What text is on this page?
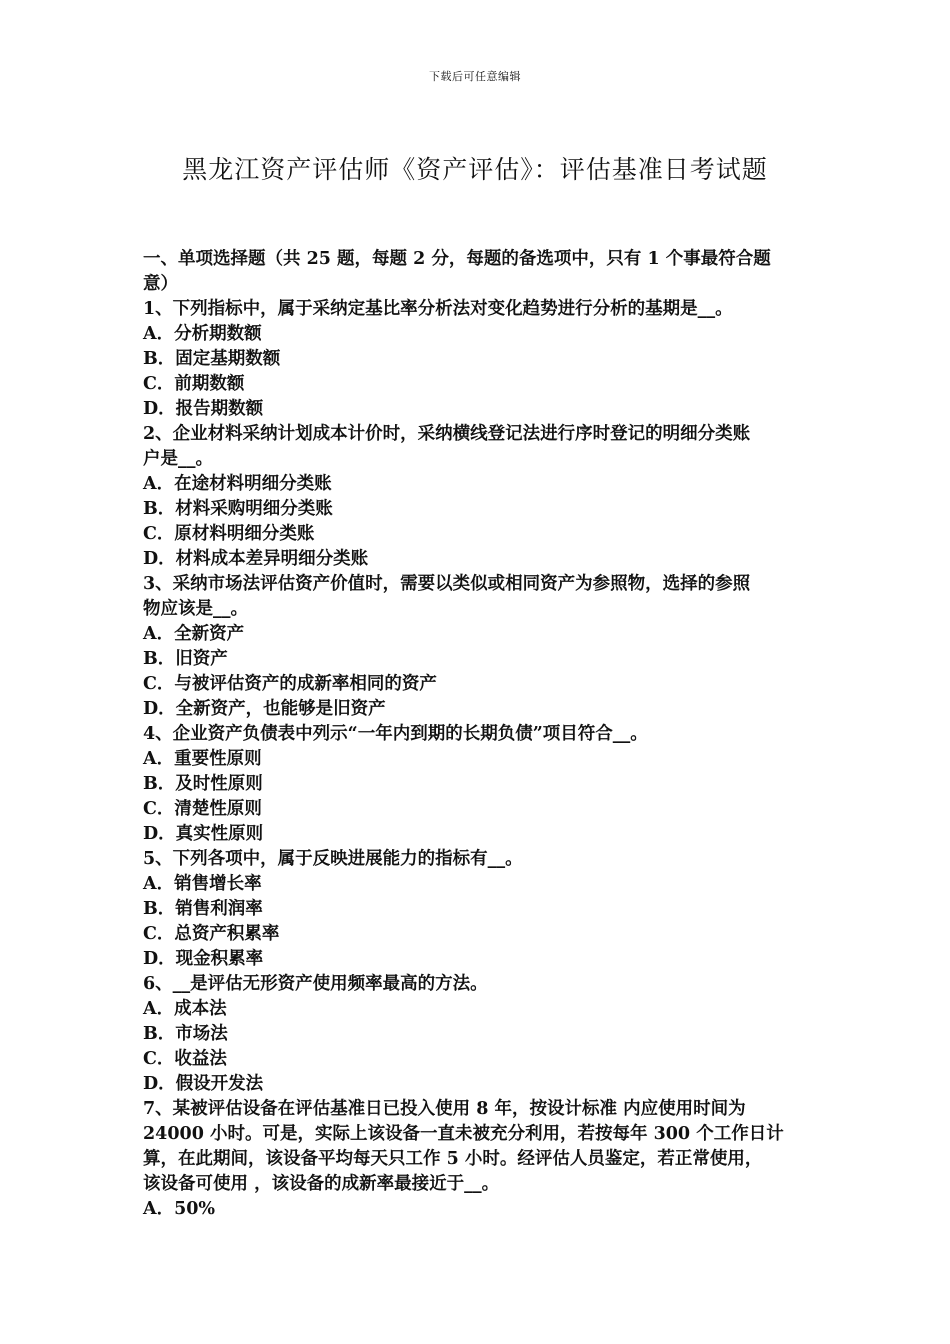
下载后可任意编辑
黑龙江资产评估师《资产评估》：评估基准日考试题
一、单项选择题（共 25 题，每题 2 分，每题的备选项中，只有 1 个事最符合题
意）
1、下列指标中，属于采纳定基比率分析法对变化趋势进行分析的基期是__。
A．分析期数额
B．固定基期数额
C．前期数额
D．报告期数额
2、企业材料采纳计划成本计价时，采纳横线登记法进行序时登记的明细分类账
户是__。
A．在途材料明细分类账
B．材料采购明细分类账
C．原材料明细分类账
D．材料成本差异明细分类账
3、采纳市场法评估资产价值时，需要以类似或相同资产为参照物，选择的参照
物应该是__。
A．全新资产
B．旧资产
C．与被评估资产的成新率相同的资产
D．全新资产，也能够是旧资产
4、企业资产负债表中列示“一年内到期的长期负债”项目符合__。
A．重要性原则
B．及时性原则
C．清楚性原则
D．真实性原则
5、下列各项中，属于反映进展能力的指标有__。
A．销售增长率
B．销售利润率
C．总资产积累率
D．现金积累率
6、__是评估无形资产使用频率最高的方法。
A．成本法
B．市场法
C．收益法
D．假设开发法
7、某被评估设备在评估基准日已投入使用 8 年，按设计标准 内应使用时间为
24000 小时。可是，实际上该设备一直未被充分利用，若按每年 300 个工作日计
算，在此期间，该设备平均每天只工作 5 小时。经评估人员鉴定，若正常使用，
该设备可使用 ，该设备的成新率最接近于__。
A．50%
